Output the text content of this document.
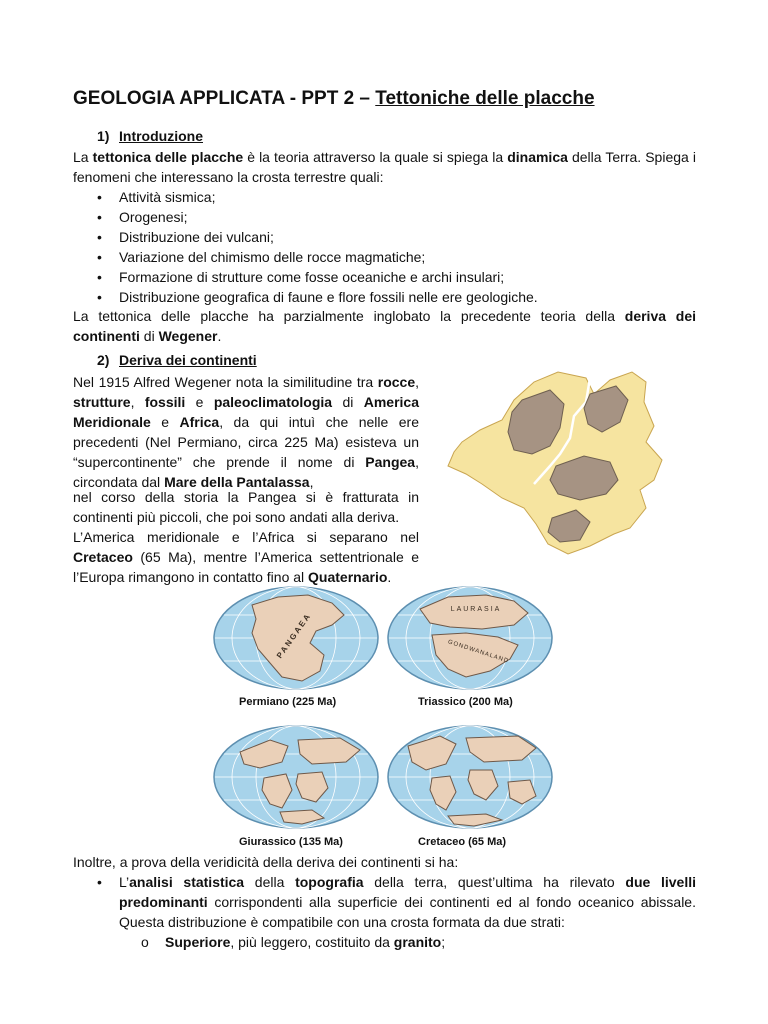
GEOLOGIA APPLICATA - PPT 2 – Tettoniche delle placche
1) Introduzione
La tettonica delle placche è la teoria attraverso la quale si spiega la dinamica della Terra. Spiega i fenomeni che interessano la crosta terrestre quali:
• Attività sismica;
• Orogenesi;
• Distribuzione dei vulcani;
• Variazione del chimismo delle rocce magmatiche;
• Formazione di strutture come fosse oceaniche e archi insulari;
• Distribuzione geografica di faune e flore fossili nelle ere geologiche.
La tettonica delle placche ha parzialmente inglobato la precedente teoria della deriva dei continenti di Wegener.
2) Deriva dei continenti
Nel 1915 Alfred Wegener nota la similitudine tra rocce, strutture, fossili e paleoclimatologia di America Meridionale e Africa, da qui intuì che nelle ere precedenti (Nel Permiano, circa 225 Ma) esisteva un “supercontinente” che prende il nome di Pangea, circondata dal Mare della Pantalassa,
nel corso della storia la Pangea si è fratturata in continenti più piccoli, che poi sono andati alla deriva.
L’America meridionale e l’Africa si separano nel Cretaceo (65 Ma), mentre l’America settentrionale e l’Europa rimangono in contatto fino al Quaternario.
PANGAEA
Permiano (225 Ma)
LAURASIA
GONDWANALAND
Triassico (200 Ma)
Giurassico (135 Ma)	Cretaceo (65 Ma)
Inoltre, a prova della veridicità della deriva dei continenti si ha:
• L’analisi statistica della topografia della terra, quest’ultima ha rilevato due livelli predominanti corrispondenti alla superficie dei continenti ed al fondo oceanico abissale. Questa distribuzione è compatibile con una crosta formata da due strati:
o Superiore, più leggero, costituito da granito;
